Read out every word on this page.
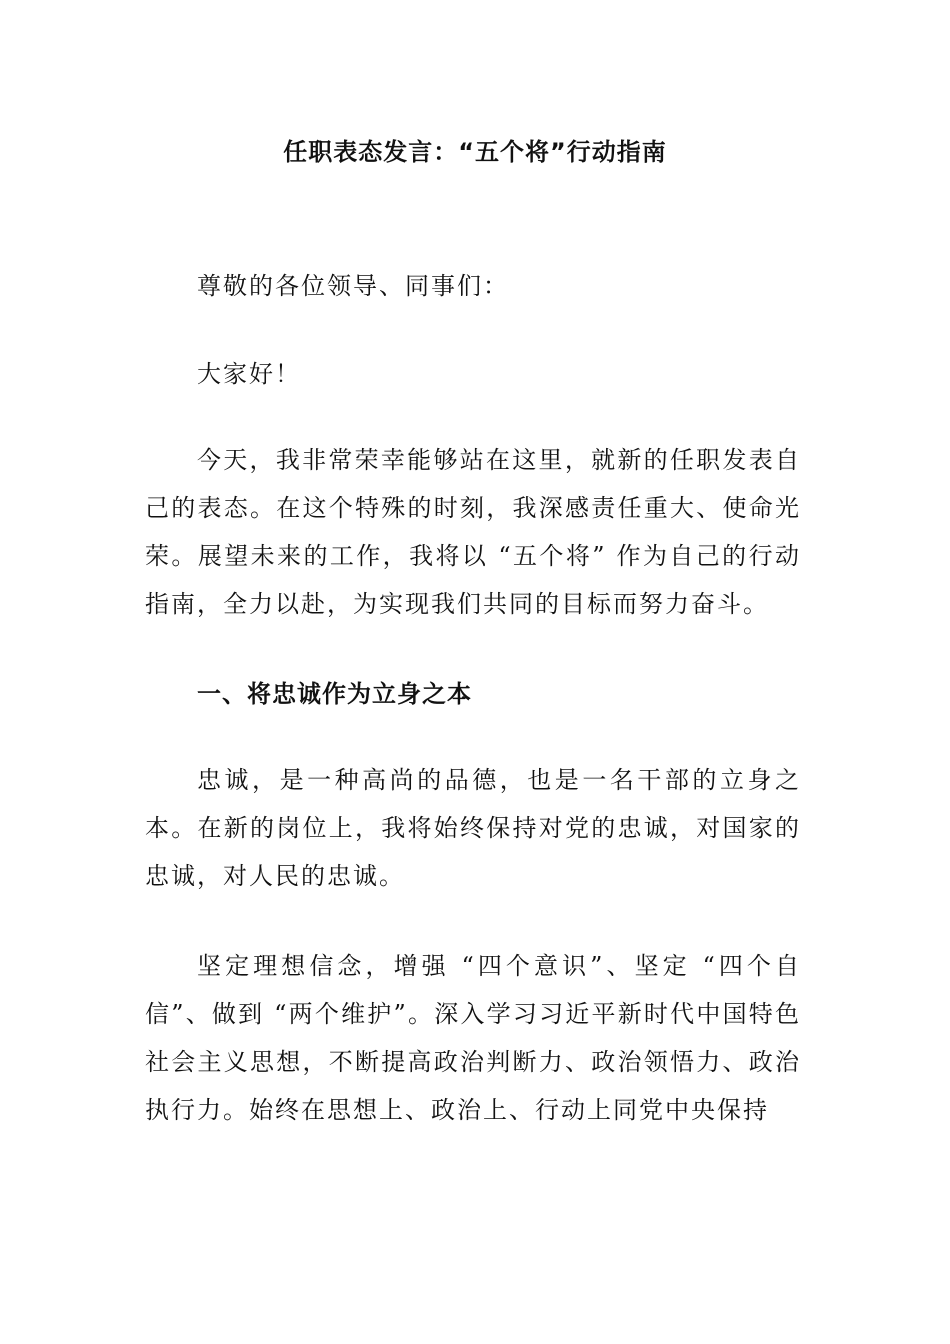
任职表态发言：“五个将”行动指南

尊敬的各位领导、同事们：

大家好！

今天，我非常荣幸能够站在这里，就新的任职发表自己的表态。在这个特殊的时刻，我深感责任重大、使命光荣。展望未来的工作，我将以 “五个将” 作为自己的行动指南，全力以赴，为实现我们共同的目标而努力奋斗。

一、将忠诚作为立身之本

忠诚，是一种高尚的品德，也是一名干部的立身之本。在新的岗位上，我将始终保持对党的忠诚，对国家的忠诚，对人民的忠诚。

坚定理想信念，增强 “四个意识”、坚定 “四个自信”、做到 “两个维护”。深入学习习近平新时代中国特色社会主义思想，不断提高政治判断力、政治领悟力、政治执行力。始终在思想上、政治上、行动上同党中央保持
